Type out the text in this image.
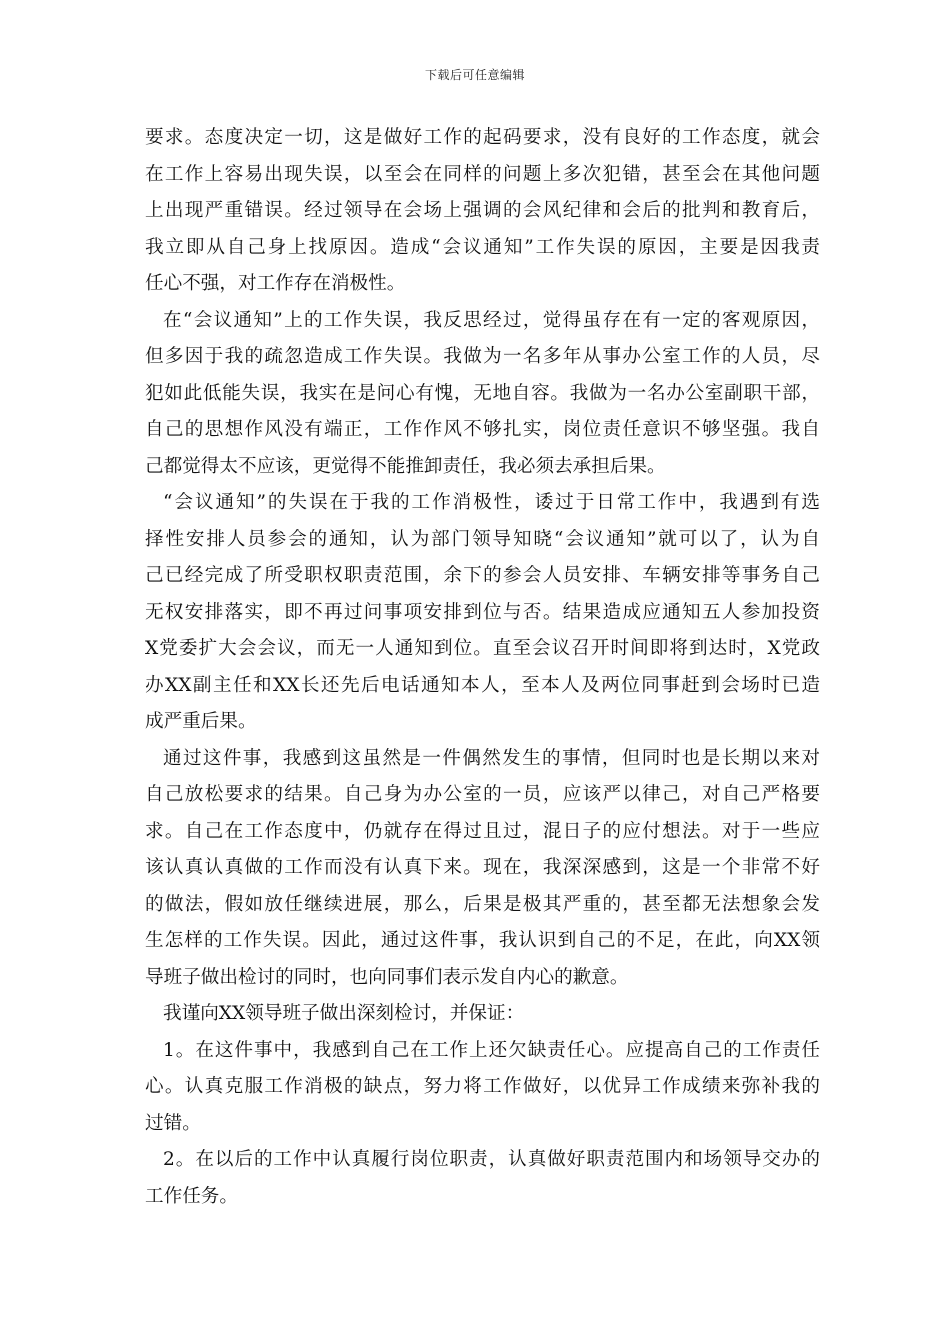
下载后可任意编辑
要求。态度决定一切，这是做好工作的起码要求，没有良好的工作态度，就会
在工作上容易出现失误，以至会在同样的问题上多次犯错，甚至会在其他问题
上出现严重错误。经过领导在会场上强调的会风纪律和会后的批判和教育后，
我立即从自己身上找原因。造成“会议通知”工作失误的原因，主要是因我责
任心不强，对工作存在消极性。
在“会议通知”上的工作失误，我反思经过，觉得虽存在有一定的客观原因，
但多因于我的疏忽造成工作失误。我做为一名多年从事办公室工作的人员，尽
犯如此低能失误，我实在是问心有愧，无地自容。我做为一名办公室副职干部，
自己的思想作风没有端正，工作作风不够扎实，岗位责任意识不够坚强。我自
己都觉得太不应该，更觉得不能推卸责任，我必须去承担后果。
“会议通知”的失误在于我的工作消极性，诿过于日常工作中，我遇到有选
择性安排人员参会的通知，认为部门领导知晓“会议通知”就可以了，认为自
己已经完成了所受职权职责范围，余下的参会人员安排、车辆安排等事务自己
无权安排落实，即不再过问事项安排到位与否。结果造成应通知五人参加投资
X党委扩大会会议，而无一人通知到位。直至会议召开时间即将到达时，X党政
办XX副主任和XX长还先后电话通知本人，至本人及两位同事赶到会场时已造
成严重后果。
通过这件事，我感到这虽然是一件偶然发生的事情，但同时也是长期以来对
自己放松要求的结果。自己身为办公室的一员，应该严以律己，对自己严格要
求。自己在工作态度中，仍就存在得过且过，混日子的应付想法。对于一些应
该认真认真做的工作而没有认真下来。现在，我深深感到，这是一个非常不好
的做法，假如放任继续进展，那么，后果是极其严重的，甚至都无法想象会发
生怎样的工作失误。因此，通过这件事，我认识到自己的不足，在此，向XX领
导班子做出检讨的同时，也向同事们表示发自内心的歉意。
我谨向XX领导班子做出深刻检讨，并保证：
1。在这件事中，我感到自己在工作上还欠缺责任心。应提高自己的工作责任
心。认真克服工作消极的缺点，努力将工作做好，以优异工作成绩来弥补我的
过错。
2。在以后的工作中认真履行岗位职责，认真做好职责范围内和场领导交办的
工作任务。
